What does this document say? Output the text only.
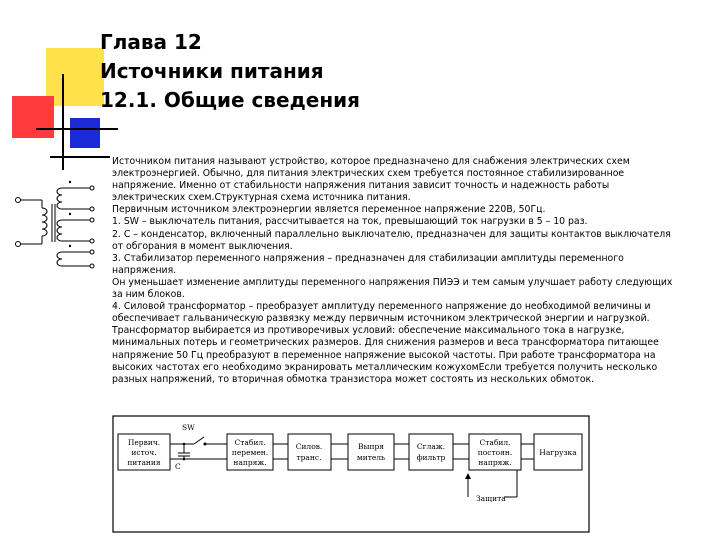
Глава 12
Источники питания
12.1. Общие сведения

Источником питания называют устройство, которое предназначено для снабжения электрических схем электроэнергией. Обычно, для питания электрических схем требуется постоянное стабилизированное напряжение. Именно от стабильности напряжения питания зависит точность и надежность работы электрических схем.Структурная схема источника питания.

Первичным источником электроэнергии является переменное напряжение 220В, 50Гц.

1. SW – выключатель питания, рассчитывается на ток, превышающий ток нагрузки в 5 – 10 раз.

2. C – конденсатор, включенный параллельно выключателю, предназначен для защиты контактов выключателя от обгорания в момент выключения.

3. Стабилизатор переменного напряжения – предназначен для стабилизации амплитуды переменного напряжения.

Он уменьшает изменение амплитуды переменного напряжения ПИЭЭ и тем самым улучшает работу следующих за ним блоков.

4. Силовой трансформатор – преобразует амплитуду переменного напряжение до необходимой величины и обеспечивает гальваническую развязку между первичным источником электрической энергии и нагрузкой.

Трансформатор выбирается из противоречивых условий: обеспечение максимального тока в нагрузке, минимальных потерь и геометрических размеров. Для снижения размеров и веса трансформатора питающее напряжение 50 Гц преобразуют в переменное напряжение высокой частоты. При работе трансформатора на высоких частотах его необходимо экранировать металлическим кожухомЕсли требуется получить несколько разных напряжений, то вторичная обмотка транзистора может состоять из нескольких обмоток.

SW
С
Первич.
источ.
питания
Стабил.
перемен.
напряж.
Силов.
транс.
Выпря
митель
Сглаж.
фильтр
Стабил.
постоян.
напряж.
Нагрузка
Защита
